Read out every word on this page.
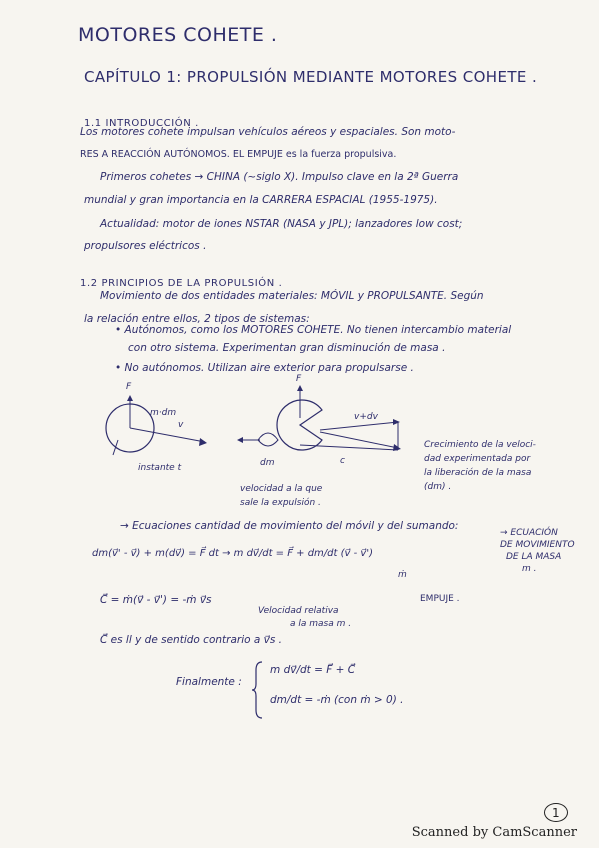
MOTORES COHETE .
CAPÍTULO 1: PROPULSIÓN MEDIANTE MOTORES COHETE .
1.1 INTRODUCCIÓN .
Los motores cohete impulsan vehículos aéreos y espaciales. Son moto-
RES A REACCIÓN AUTÓNOMOS. EL EMPUJE es la fuerza propulsiva.
Primeros cohetes → CHINA (~siglo X). Impulso clave en la 2ª Guerra
mundial y gran importancia en la CARRERA ESPACIAL (1955-1975).
Actualidad: motor de iones NSTAR (NASA y JPL); lanzadores low cost;
propulsores eléctricos .
1.2 PRINCIPIOS DE LA PROPULSIÓN .
Movimiento de dos entidades materiales: MÓVIL y PROPULSANTE. Según
la relación entre ellos, 2 tipos de sistemas:
• Autónomos, como los MOTORES COHETE. No tienen intercambio material
con otro sistema. Experimentan gran disminución de masa .
• No autónomos. Utilizan aire exterior para propulsarse .
F
m·dm
v
instante t
F
dm
v+dv
c
velocidad a la que
sale la expulsión .
Crecimiento de la veloci-
dad experimentada por
la liberación de la masa
(dm) .
→ Ecuaciones cantidad de movimiento del móvil y del sumando:
dm(v⃗' - v⃗) + m(dv⃗) = F⃗ dt → m dv⃗/dt = F⃗ + dm/dt (v⃗ - v⃗')
→ ECUACIÓN
DE MOVIMIENTO
DE LA MASA
m .
ṁ
EMPUJE .
C⃗ = ṁ(v⃗ - v⃗') = -ṁ v⃗s
Velocidad relativa
a la masa m .
C⃗ es ll y de sentido contrario a v⃗s .
Finalmente :
m dv⃗/dt = F⃗ + C⃗
dm/dt = -ṁ (con ṁ > 0) .
1
Scanned by CamScanner
